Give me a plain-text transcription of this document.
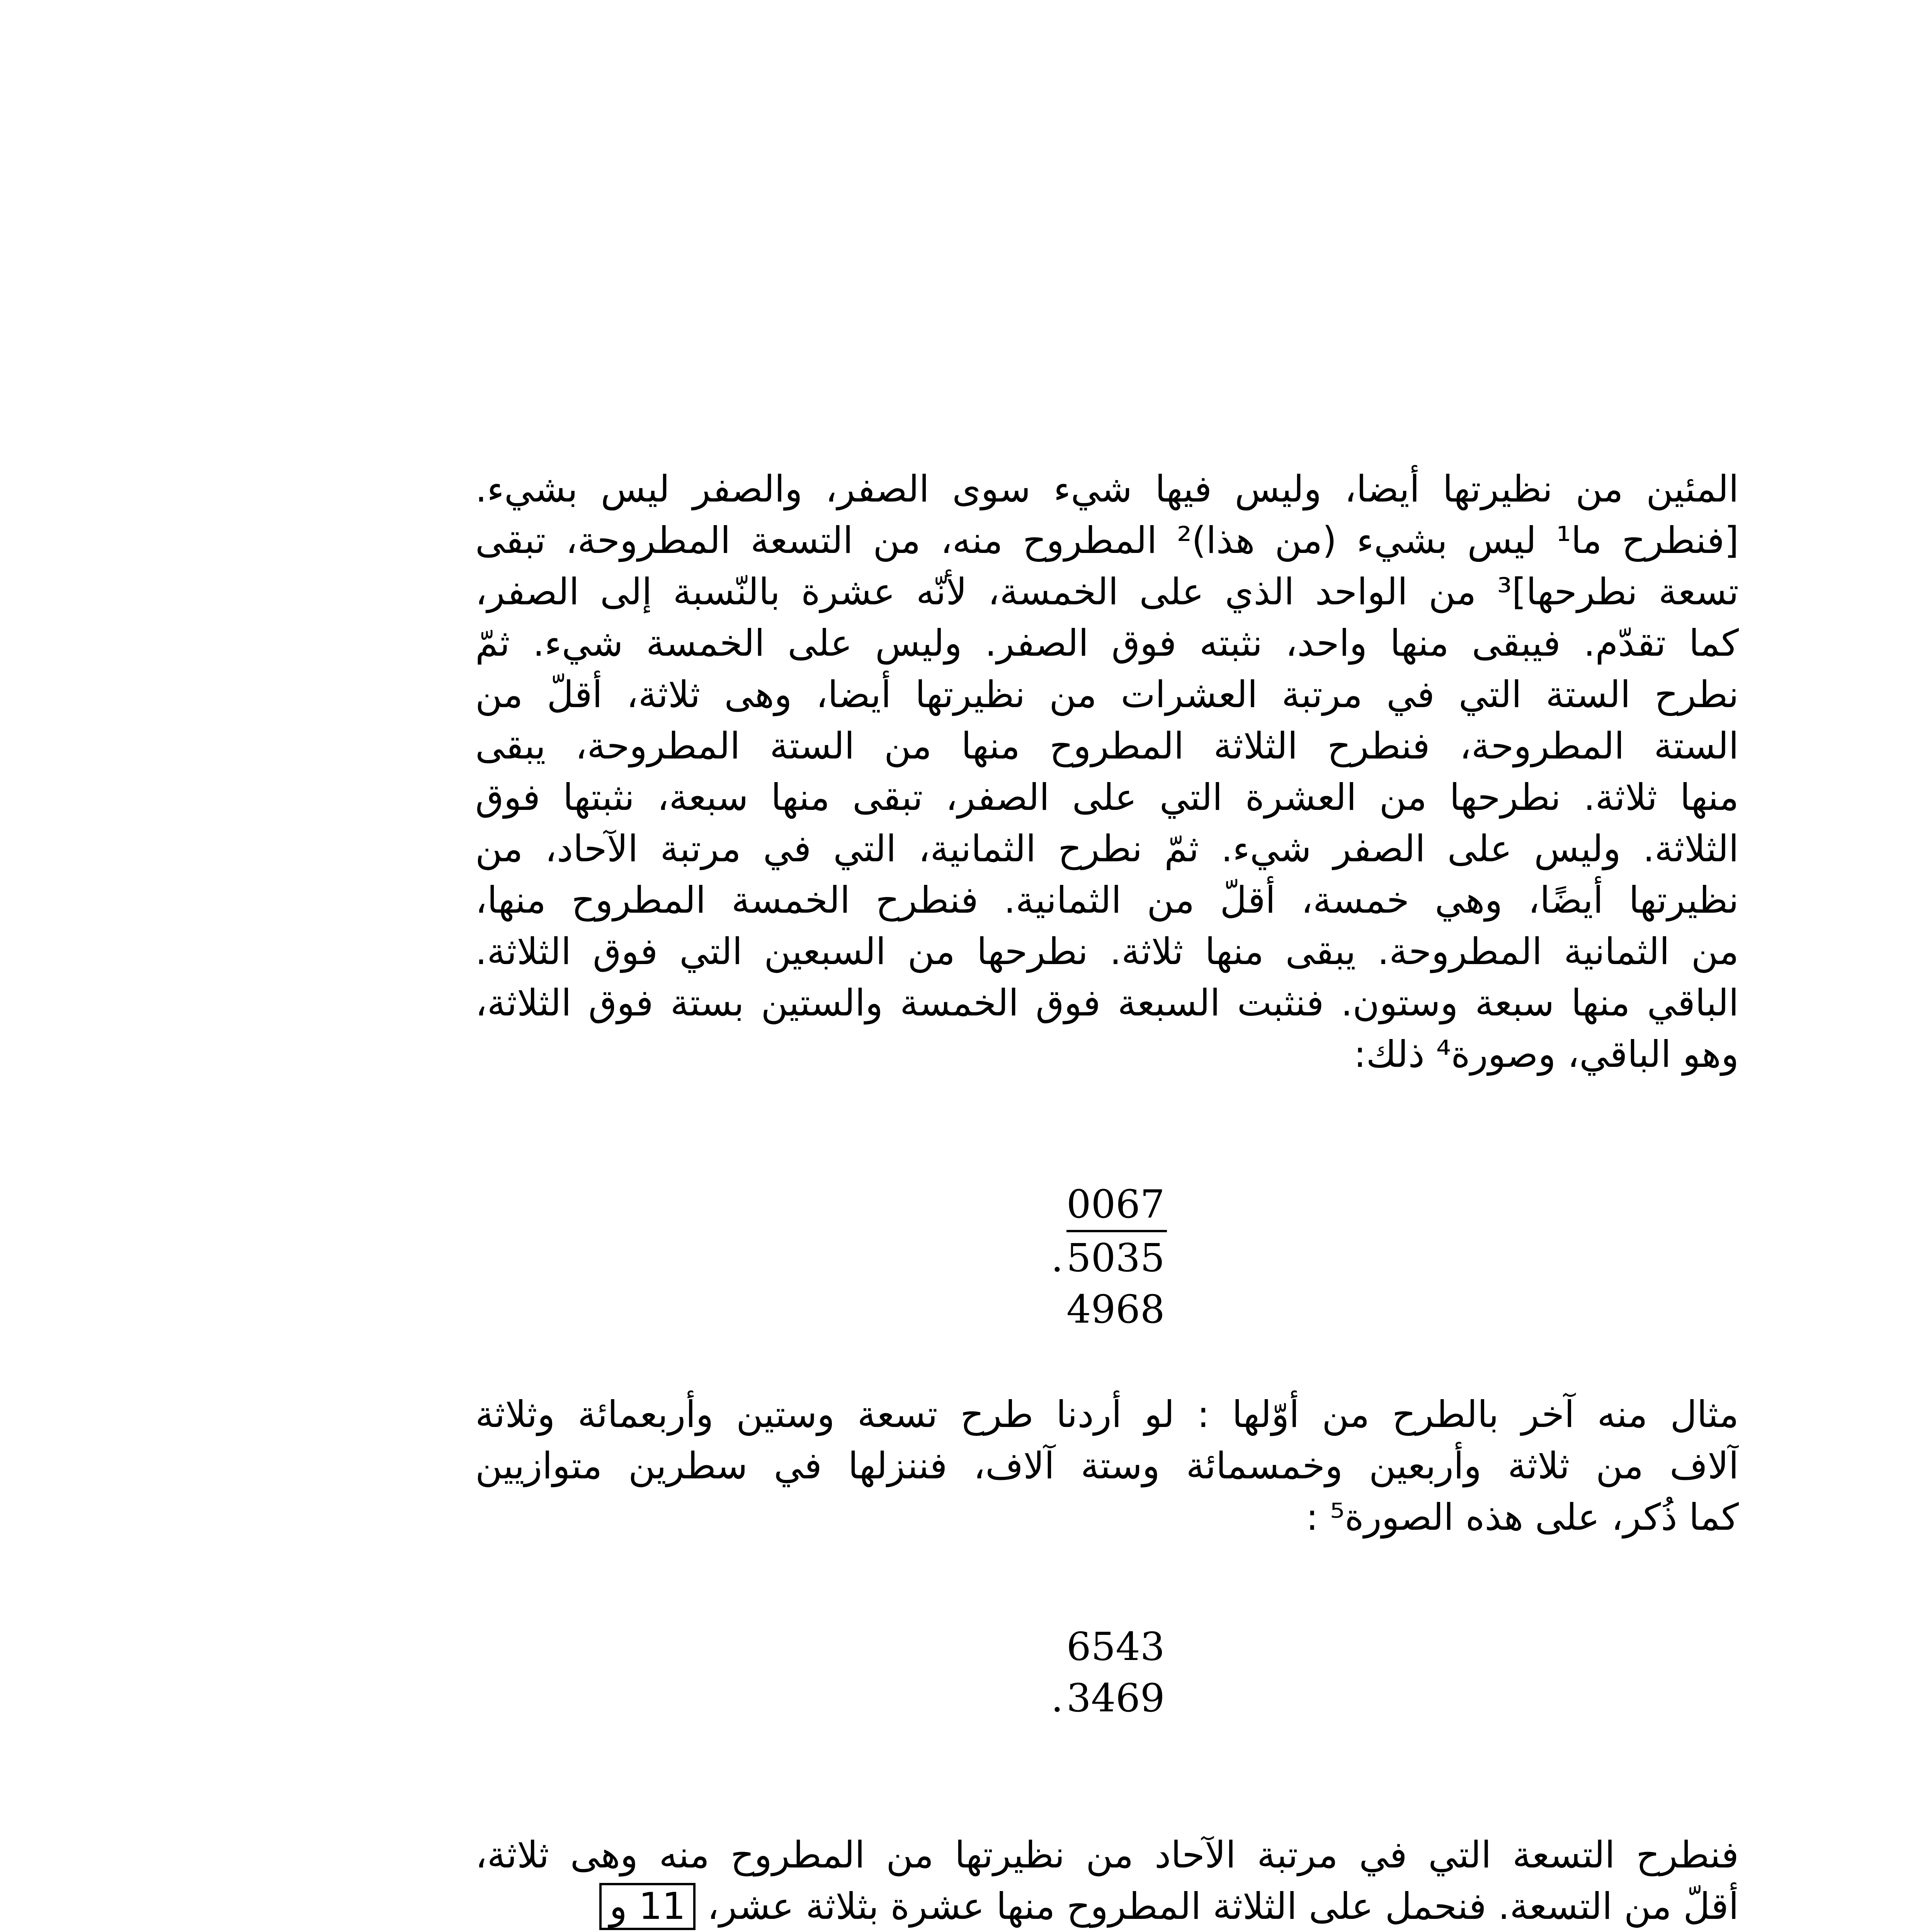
المئين من نظيرتها أيضا، وليس فيها شيء سوى الصفر، والصفر ليس بشيء.
[فنطرح ما¹ ليس بشيء (من هذا)² المطروح منه، من التسعة المطروحة، تبقى
تسعة نطرحها]³ من الواحد الذي على الخمسة، لأنّه عشرة بالنّسبة إلى الصفر،
كما تقدّم. فيبقى منها واحد، نثبته فوق الصفر. وليس على الخمسة شيء. ثمّ
نطرح الستة التي في مرتبة العشرات من نظيرتها أيضا، وهى ثلاثة، أقلّ من
الستة المطروحة، فنطرح الثلاثة المطروح منها من الستة المطروحة، يبقى
منها ثلاثة. نطرحها من العشرة التي على الصفر، تبقى منها سبعة، نثبتها فوق
الثلاثة. وليس على الصفر شيء. ثمّ نطرح الثمانية، التي في مرتبة الآحاد، من
نظيرتها أيضًا، وهي خمسة، أقلّ من الثمانية. فنطرح الخمسة المطروح منها،
من الثمانية المطروحة. يبقى منها ثلاثة. نطرحها من السبعين التي فوق الثلاثة.
الباقي منها سبعة وستون. فنثبت السبعة فوق الخمسة والستين بستة فوق الثلاثة،
وهو الباقي، وصورة⁴ ذلك:
0067
. 5035
4968
مثال منه آخر بالطرح من أوّلها : لو أردنا طرح تسعة وستين وأربعمائة وثلاثة
آلاف من ثلاثة وأربعين وخمسمائة وستة آلاف، فننزلها في سطرين متوازيين
كما ذُكر، على هذه الصورة⁵ :
6543
. 3469
فنطرح التسعة التي في مرتبة الآحاد من نظيرتها من المطروح منه وهى ثلاثة،
أقلّ من التسعة. فنحمل على الثلاثة المطروح منها عشرة بثلاثة عشر، 11 و
